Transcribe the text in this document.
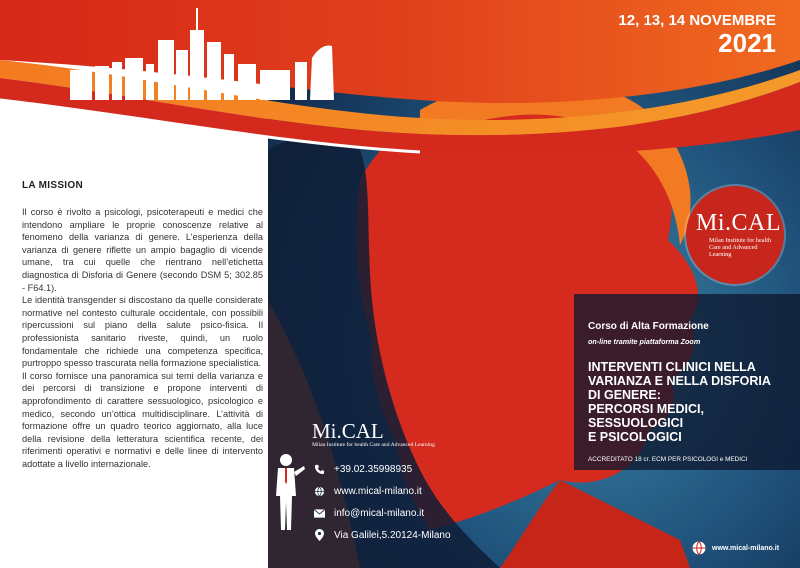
12, 13, 14 NOVEMBRE
2021
LA MISSION

Il corso è rivolto a psicologi, psicoterapeuti e medici che intendono ampliare le proprie conoscenze relative al fenomeno della varianza di genere. L’esperienza della varianza di genere riflette un ampio bagaglio di vicende umane, tra cui quelle che rientrano nell’etichetta diagnostica di Disforia di Genere (secondo DSM 5; 302.85 - F64.1).

Le identità transgender si discostano da quelle considerate normative nel contesto culturale occidentale, con possibili ripercussioni sul piano della salute psico-fisica. Il professionista sanitario riveste, quindi, un ruolo fondamentale che richiede una competenza specifica, purtroppo spesso trascurata nella formazione specialistica.

Il corso fornisce una panoramica sui temi della varianza e dei percorsi di transizione e propone interventi di approfondimento di carattere sessuologico, psicologico e medico, secondo un’ottica multidisciplinare. L’attività di formazione offre un quadro teorico aggiornato, alla luce della revisione della letteratura scientifica recente, dei riferimenti operativi e normativi e delle linee di intervento adottate a livello internazionale.

Mi.CAL
Milan Institute for health Care and Advanced Learning
Corso di Alta Formazione
on-line tramite piattaforma Zoom
INTERVENTI CLINICI NELLA
VARIANZA E NELLA DISFORIA
DI GENERE:
PERCORSI MEDICI, SESSUOLOGICI
E PSICOLOGICI
ACCREDITATO 18 cr. ECM PER PSICOLOGI e MEDICI
Mi.CAL
Milan Institute for health Care and Advanced Learning
+39.02.35998935
www.mical-milano.it
info@mical-milano.it
Via Galilei,5.20124-Milano
www.mical-milano.it
